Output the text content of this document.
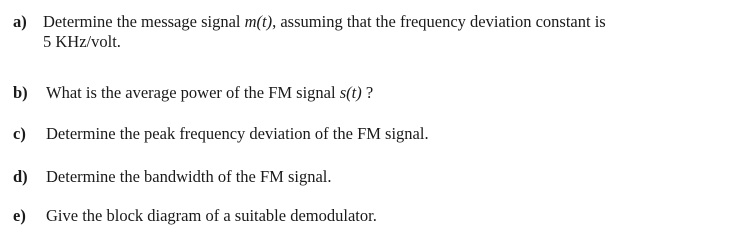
a) Determine the message signal m(t), assuming that the frequency deviation constant is
5 KHz/volt.
b) What is the average power of the FM signal s(t) ?
c) Determine the peak frequency deviation of the FM signal.
d) Determine the bandwidth of the FM signal.
e) Give the block diagram of a suitable demodulator.
